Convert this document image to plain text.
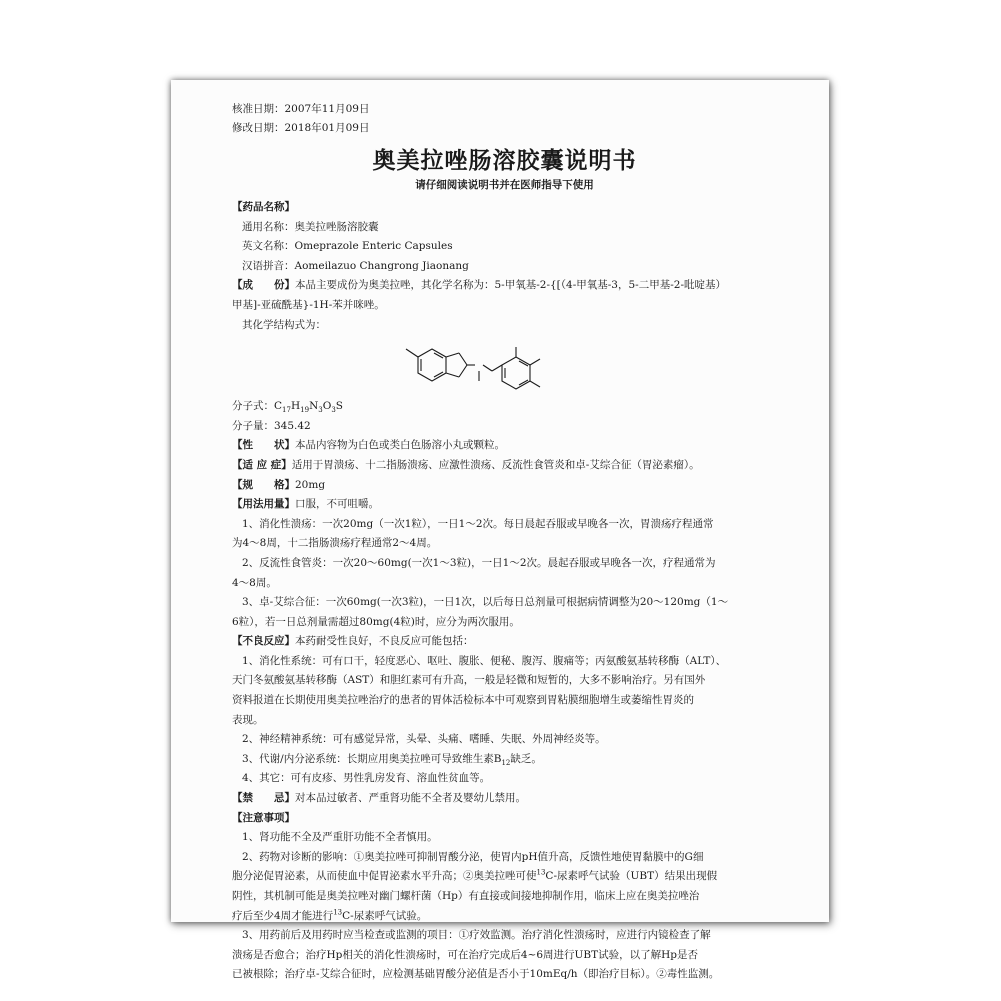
核准日期：2007年11月09日
修改日期：2018年01月09日
奥美拉唑肠溶胶囊说明书
请仔细阅读说明书并在医师指导下使用
【药品名称】
通用名称：奥美拉唑肠溶胶囊
英文名称：Omeprazole Enteric Capsules
汉语拼音：Aomeilazuo Changrong Jiaonang
【成　　份】本品主要成份为奥美拉唑，其化学名称为：5-甲氧基-2-{[（4-甲氧基-3，5-二甲基-2-吡啶基）
甲基]-亚硫酰基}-1H-苯并咪唑。
其化学结构式为：
分子式：$C_{17}H_{19}N_3O_3S$
分子量：345.42
【性　　状】本品内容物为白色或类白色肠溶小丸或颗粒。
【适 应 症】适用于胃溃疡、十二指肠溃疡、应激性溃疡、反流性食管炎和卓-艾综合征（胃泌素瘤）。
【规　　格】20mg
【用法用量】口服，不可咀嚼。
1、消化性溃疡：一次20mg（一次1粒），一日1～2次。每日晨起吞服或早晚各一次，胃溃疡疗程通常
为4～8周，十二指肠溃疡疗程通常2～4周。
2、反流性食管炎：一次20～60mg(一次1～3粒)，一日1～2次。晨起吞服或早晚各一次，疗程通常为
4～8周。
3、卓-艾综合征：一次60mg(一次3粒)，一日1次，以后每日总剂量可根据病情调整为20～120mg（1～
6粒），若一日总剂量需超过80mg(4粒)时，应分为两次服用。
【不良反应】本药耐受性良好，不良反应可能包括：
1、消化性系统：可有口干，轻度恶心、呕吐、腹胀、便秘、腹泻、腹痛等；丙氨酸氨基转移酶（ALT）、
天门冬氨酸氨基转移酶（AST）和胆红素可有升高，一般是轻微和短暂的，大多不影响治疗。另有国外
资料报道在长期使用奥美拉唑治疗的患者的胃体活检标本中可观察到胃粘膜细胞增生或萎缩性胃炎的
表现。
2、神经精神系统：可有感觉异常，头晕、头痛、嗜睡、失眠、外周神经炎等。
3、代谢/内分泌系统：长期应用奥美拉唑可导致维生素$B_{12}$缺乏。
4、其它：可有皮疹、男性乳房发育、溶血性贫血等。
【禁　　忌】对本品过敏者、严重肾功能不全者及婴幼儿禁用。
【注意事项】
1、肾功能不全及严重肝功能不全者慎用。
2、药物对诊断的影响：①奥美拉唑可抑制胃酸分泌，使胃内pH值升高，反馈性地使胃黏膜中的G细
胞分泌促胃泌素，从而使血中促胃泌素水平升高；②奥美拉唑可使$^{13}$C-尿素呼气试验（UBT）结果出现假
阴性，其机制可能是奥美拉唑对幽门螺杆菌（Hp）有直接或间接地抑制作用，临床上应在奥美拉唑治
疗后至少4周才能进行$^{13}$C-尿素呼气试验。
3、用药前后及用药时应当检查或监测的项目：①疗效监测。治疗消化性溃疡时，应进行内镜检查了解
溃疡是否愈合；治疗Hp相关的消化性溃疡时，可在治疗完成后4~6周进行UBT试验，以了解Hp是否
已被根除；治疗卓-艾综合征时，应检测基础胃酸分泌值是否小于10mEq/h（即治疗目标）。②毒性监测。
